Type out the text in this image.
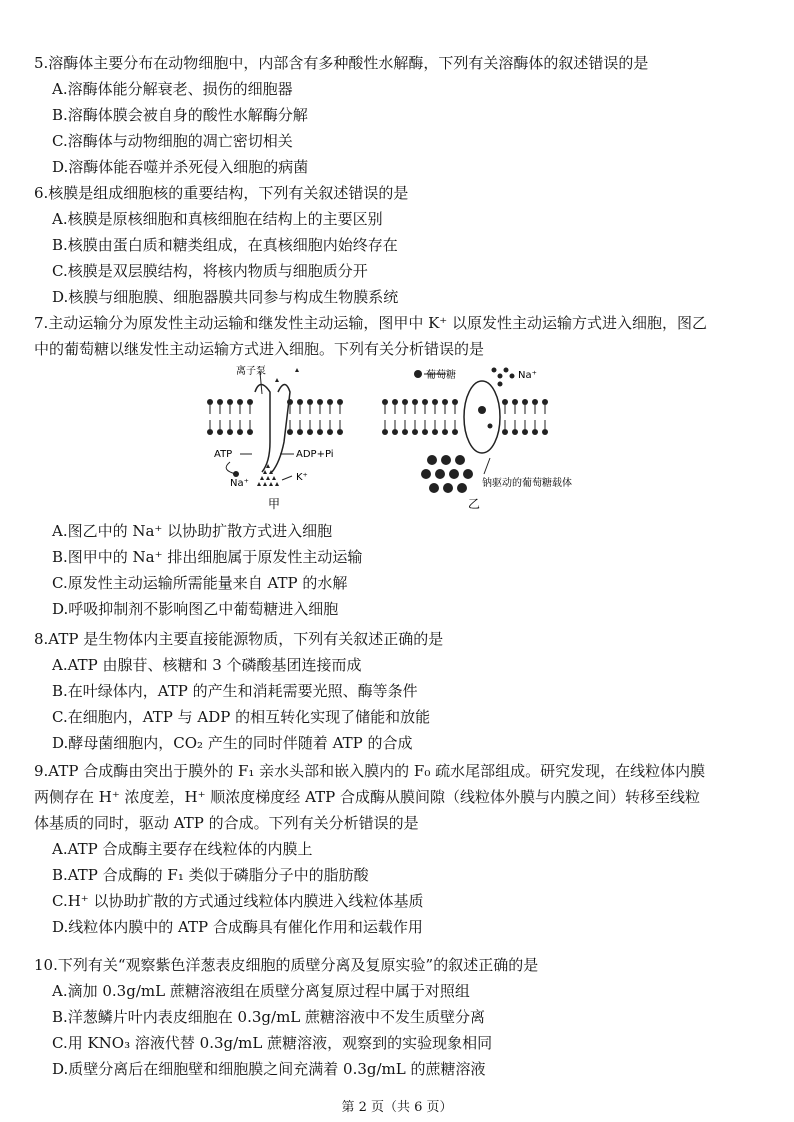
5.溶酶体主要分布在动物细胞中，内部含有多种酸性水解酶，下列有关溶酶体的叙述错误的是
A.溶酶体能分解衰老、损伤的细胞器
B.溶酶体膜会被自身的酸性水解酶分解
C.溶酶体与动物细胞的凋亡密切相关
D.溶酶体能吞噬并杀死侵入细胞的病菌
6.核膜是组成细胞核的重要结构，下列有关叙述错误的是
A.核膜是原核细胞和真核细胞在结构上的主要区别
B.核膜由蛋白质和糖类组成，在真核细胞内始终存在
C.核膜是双层膜结构，将核内物质与细胞质分开
D.核膜与细胞膜、细胞器膜共同参与构成生物膜系统
7.主动运输分为原发性主动运输和继发性主动运输，图甲中 K⁺ 以原发性主动运输方式进入细胞，图乙
中的葡萄糖以继发性主动运输方式进入细胞。下列有关分析错误的是
离子泵
ATP	ADP+Pi
Na⁺
K⁺
甲
葡萄糖	Na⁺
钠驱动的葡萄糖载体
乙
A.图乙中的 Na⁺ 以协助扩散方式进入细胞
B.图甲中的 Na⁺ 排出细胞属于原发性主动运输
C.原发性主动运输所需能量来自 ATP 的水解
D.呼吸抑制剂不影响图乙中葡萄糖进入细胞
8.ATP 是生物体内主要直接能源物质，下列有关叙述正确的是
A.ATP 由腺苷、核糖和 3 个磷酸基团连接而成
B.在叶绿体内，ATP 的产生和消耗需要光照、酶等条件
C.在细胞内，ATP 与 ADP 的相互转化实现了储能和放能
D.酵母菌细胞内，CO₂ 产生的同时伴随着 ATP 的合成
9.ATP 合成酶由突出于膜外的 F₁ 亲水头部和嵌入膜内的 F₀ 疏水尾部组成。研究发现，在线粒体内膜
两侧存在 H⁺ 浓度差，H⁺ 顺浓度梯度经 ATP 合成酶从膜间隙（线粒体外膜与内膜之间）转移至线粒
体基质的同时，驱动 ATP 的合成。下列有关分析错误的是
A.ATP 合成酶主要存在线粒体的内膜上
B.ATP 合成酶的 F₁ 类似于磷脂分子中的脂肪酸
C.H⁺ 以协助扩散的方式通过线粒体内膜进入线粒体基质
D.线粒体内膜中的 ATP 合成酶具有催化作用和运载作用
10.下列有关“观察紫色洋葱表皮细胞的质壁分离及复原实验”的叙述正确的是
A.滴加 0.3g/mL 蔗糖溶液组在质壁分离复原过程中属于对照组
B.洋葱鳞片叶内表皮细胞在 0.3g/mL 蔗糖溶液中不发生质壁分离
C.用 KNO₃ 溶液代替 0.3g/mL 蔗糖溶液，观察到的实验现象相同
D.质壁分离后在细胞壁和细胞膜之间充满着 0.3g/mL 的蔗糖溶液
第 2 页（共 6 页）
